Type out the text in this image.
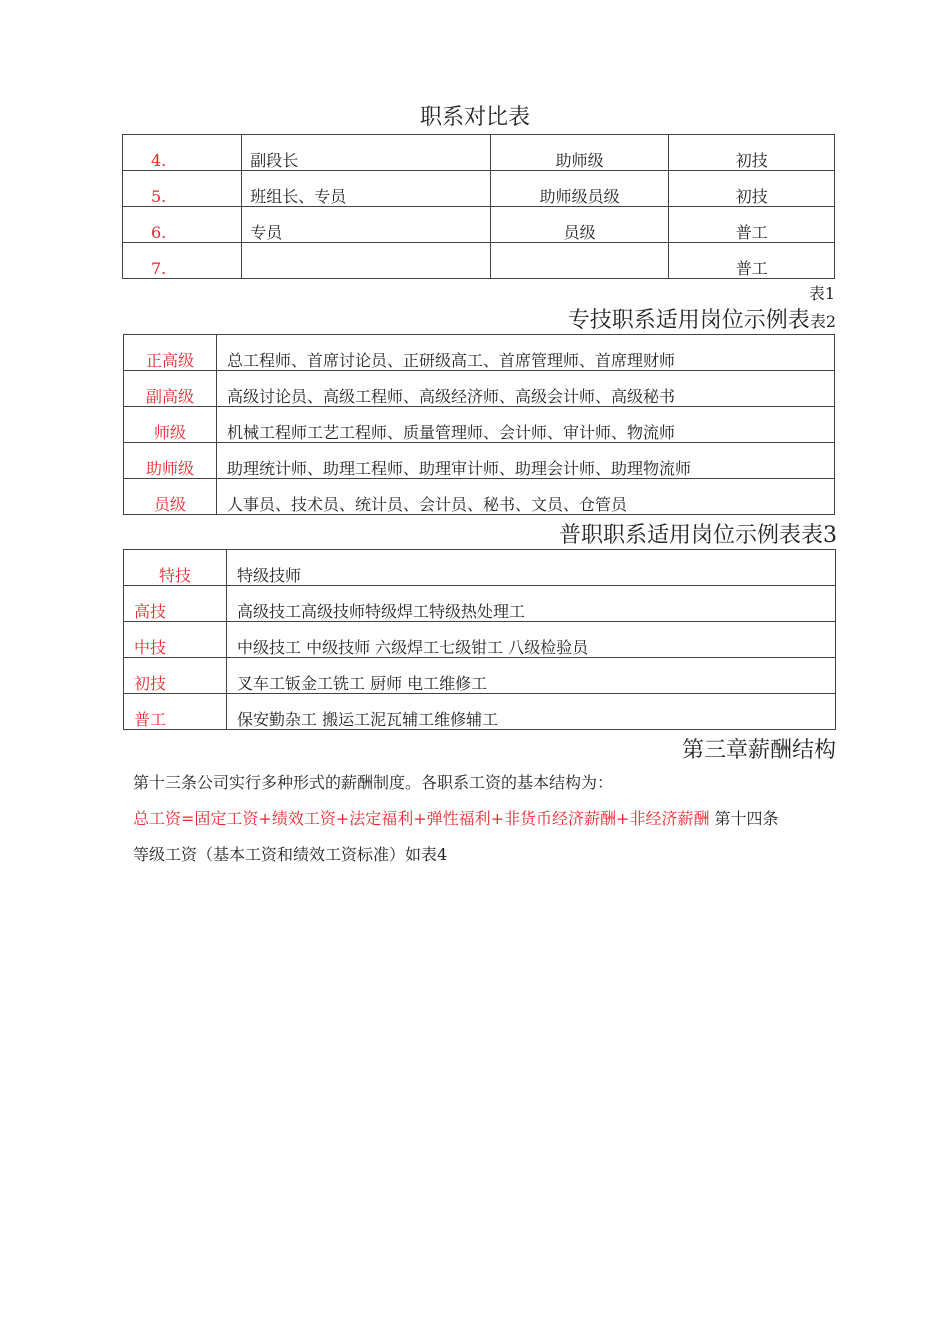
职系对比表
4.	副段长	助师级	初技
5.	班组长、专员	助师级员级	初技
6.	专员	员级	普工
7.			普工
表1
专技职系适用岗位示例表表2
正高级	总工程师、首席讨论员、正研级高工、首席管理师、首席理财师
副高级	高级讨论员、高级工程师、高级经济师、高级会计师、高级秘书
师级	机械工程师工艺工程师、质量管理师、会计师、审计师、物流师
助师级	助理统计师、助理工程师、助理审计师、助理会计师、助理物流师
员级	人事员、技术员、统计员、会计员、秘书、文员、仓管员
普职职系适用岗位示例表表3
特技	特级技师
高技	高级技工高级技师特级焊工特级热处理工
中技	中级技工 中级技师 六级焊工七级钳工 八级检验员
初技	叉车工钣金工铣工 厨师 电工维修工
普工	保安勤杂工 搬运工泥瓦辅工维修辅工
第三章薪酬结构
第十三条公司实行多种形式的薪酬制度。各职系工资的基本结构为：
总工资=固定工资+绩效工资+法定福利+弹性福利+非货币经济薪酬+非经济薪酬 第十四条
等级工资（基本工资和绩效工资标准）如表4
